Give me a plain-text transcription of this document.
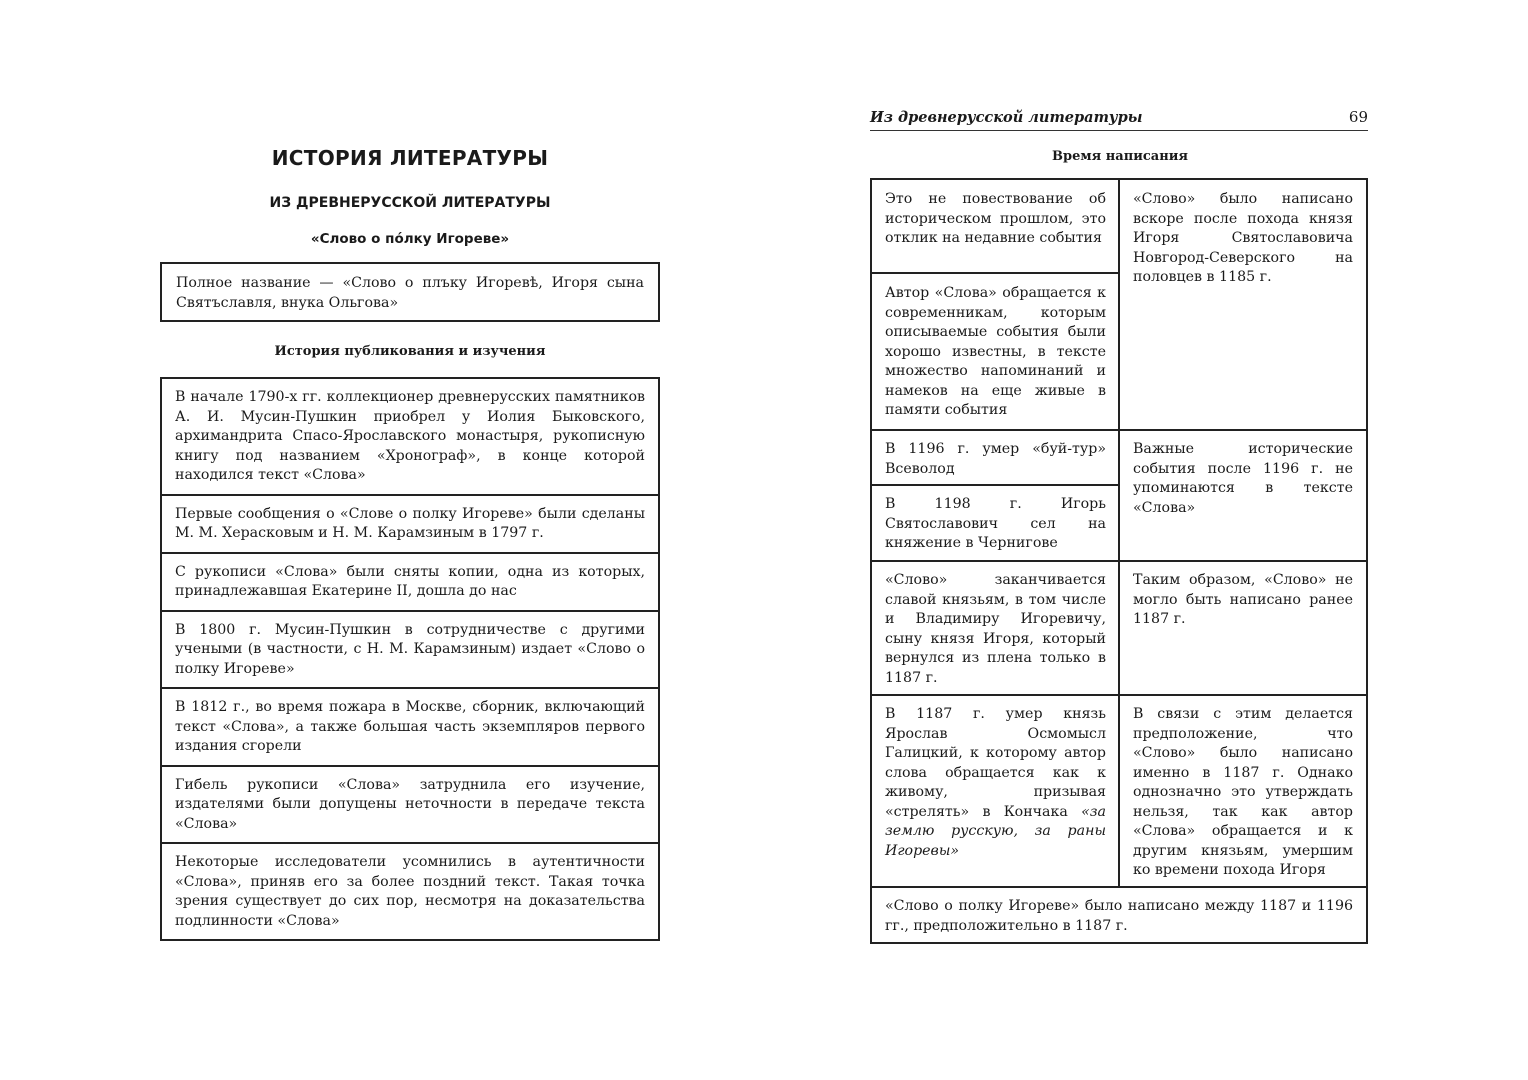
ИСТОРИЯ ЛИТЕРАТУРЫ
ИЗ ДРЕВНЕРУССКОЙ ЛИТЕРАТУРЫ
«Слово о по́лку Игореве»
Полное название — «Слово о плъку Игоревѣ, Игоря сына Святъславля, внука Ольгова»
История публикования и изучения
В начале 1790-х гг. коллекционер древнерусских памятников А. И. Мусин-Пушкин приобрел у Иолия Быковского, архимандрита Спасо-Ярославского монастыря, рукописную книгу под названием «Хронограф», в конце которой находился текст «Слова»
Первые сообщения о «Слове о полку Игореве» были сделаны М. М. Херасковым и Н. М. Карамзиным в 1797 г.
С рукописи «Слова» были сняты копии, одна из которых, принадлежавшая Екатерине II, дошла до нас
В 1800 г. Мусин-Пушкин в сотрудничестве с другими учеными (в частности, с Н. М. Карамзиным) издает «Слово о полку Игореве»
В 1812 г., во время пожара в Москве, сборник, включающий текст «Слова», а также большая часть экземпляров первого издания сгорели
Гибель рукописи «Слова» затруднила его изучение, издателями были допущены неточности в передаче текста «Слова»
Некоторые исследователи усомнились в аутентичности «Слова», приняв его за более поздний текст. Такая точка зрения существует до сих пор, несмотря на доказательства подлинности «Слова»
Из древнерусской литературы	69
Время написания
Это не повествование об историческом прошлом, это отклик на недавние события
Автор «Слова» обращается к современникам, которым описываемые события были хорошо известны, в тексте множество напоминаний и намеков на еще живые в памяти события
«Слово» было написано вскоре после похода князя Игоря Святославовича Новгород-Северского на половцев в 1185 г.
В 1196 г. умер «буй-тур» Всеволод
В 1198 г. Игорь Святославович сел на княжение в Чернигове
Важные исторические события после 1196 г. не упоминаются в тексте «Слова»
«Слово» заканчивается славой князьям, в том числе и Владимиру Игоревичу, сыну князя Игоря, который вернулся из плена только в 1187 г.
Таким образом, «Слово» не могло быть написано ранее 1187 г.
В 1187 г. умер князь Ярослав Осмомысл Галицкий, к которому автор слова обращается как к живому, призывая «стрелять» в Кончака «за землю русскую, за раны Игоревы»
В связи с этим делается предположение, что «Слово» было написано именно в 1187 г. Однако однозначно это утверждать нельзя, так как автор «Слова» обращается и к другим князьям, умершим ко времени похода Игоря
«Слово о полку Игореве» было написано между 1187 и 1196 гг., предположительно в 1187 г.
